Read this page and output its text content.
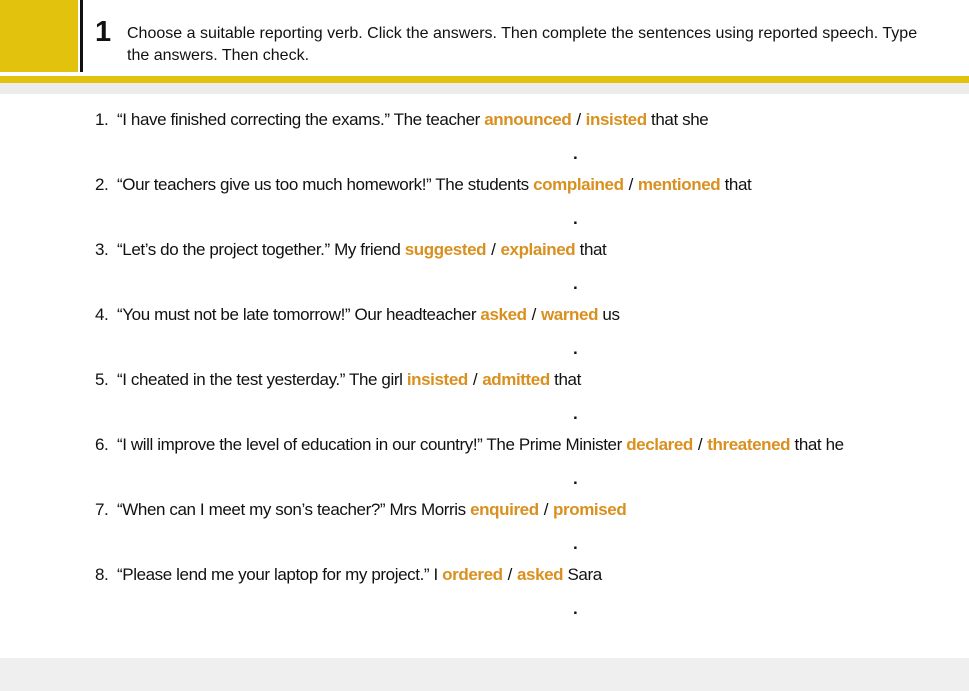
1 Choose a suitable reporting verb. Click the answers. Then complete the sentences using reported speech. Type the answers. Then check.

1. “I have finished correcting the exams.” The teacher announced / insisted that she
.
2. “Our teachers give us too much homework!” The students complained / mentioned that
.
3. “Let’s do the project together.” My friend suggested / explained that
.
4. “You must not be late tomorrow!” Our headteacher asked / warned us
.
5. “I cheated in the test yesterday.” The girl insisted / admitted that
.
6. “I will improve the level of education in our country!” The Prime Minister declared / threatened that he
.
7. “When can I meet my son’s teacher?” Mrs Morris enquired / promised
.
8. “Please lend me your laptop for my project.” I ordered / asked Sara
.
